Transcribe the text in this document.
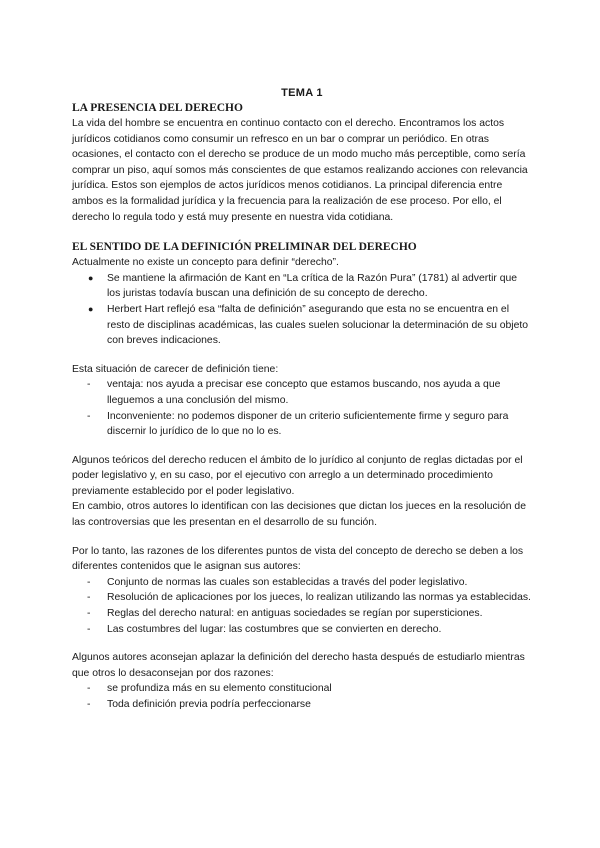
TEMA 1
LA PRESENCIA DEL DERECHO

La vida del hombre se encuentra en continuo contacto con el derecho. Encontramos los actos jurídicos cotidianos como consumir un refresco en un bar o comprar un periódico. En otras ocasiones, el contacto con el derecho se produce de un modo mucho más perceptible, como sería comprar un piso, aquí somos más conscientes de que estamos realizando acciones con relevancia jurídica. Estos son ejemplos de actos jurídicos menos cotidianos. La principal diferencia entre ambos es la formalidad jurídica y la frecuencia para la realización de ese proceso. Por ello, el derecho lo regula todo y está muy presente en nuestra vida cotidiana.

EL SENTIDO DE LA DEFINICIÓN PRELIMINAR DEL DERECHO

Actualmente no existe un concepto para definir “derecho”.

● Se mantiene la afirmación de Kant en “La crítica de la Razón Pura” (1781) al advertir que los juristas todavía buscan una definición de su concepto de derecho.
● Herbert Hart reflejó esa “falta de definición” asegurando que esta no se encuentra en el resto de disciplinas académicas, las cuales suelen solucionar la determinación de su objeto con breves indicaciones.

Esta situación de carecer de definición tiene:

- ventaja: nos ayuda a precisar ese concepto que estamos buscando, nos ayuda a que lleguemos a una conclusión del mismo.
- Inconveniente: no podemos disponer de un criterio suficientemente firme y seguro para discernir lo jurídico de lo que no lo es.

Algunos teóricos del derecho reducen el ámbito de lo jurídico al conjunto de reglas dictadas por el poder legislativo y, en su caso, por el ejecutivo con arreglo a un determinado procedimiento previamente establecido por el poder legislativo.

En cambio, otros autores lo identifican con las decisiones que dictan los jueces en la resolución de las controversias que les presentan en el desarrollo de su función.

Por lo tanto, las razones de los diferentes puntos de vista del concepto de derecho se deben a los diferentes contenidos que le asignan sus autores:

- Conjunto de normas las cuales son establecidas a través del poder legislativo.
- Resolución de aplicaciones por los jueces, lo realizan utilizando las normas ya establecidas.
- Reglas del derecho natural: en antiguas sociedades se regían por supersticiones.
- Las costumbres del lugar: las costumbres que se convierten en derecho.

Algunos autores aconsejan aplazar la definición del derecho hasta después de estudiarlo mientras que otros lo desaconsejan por dos razones:

- se profundiza más en su elemento constitucional
- Toda definición previa podría perfeccionarse
